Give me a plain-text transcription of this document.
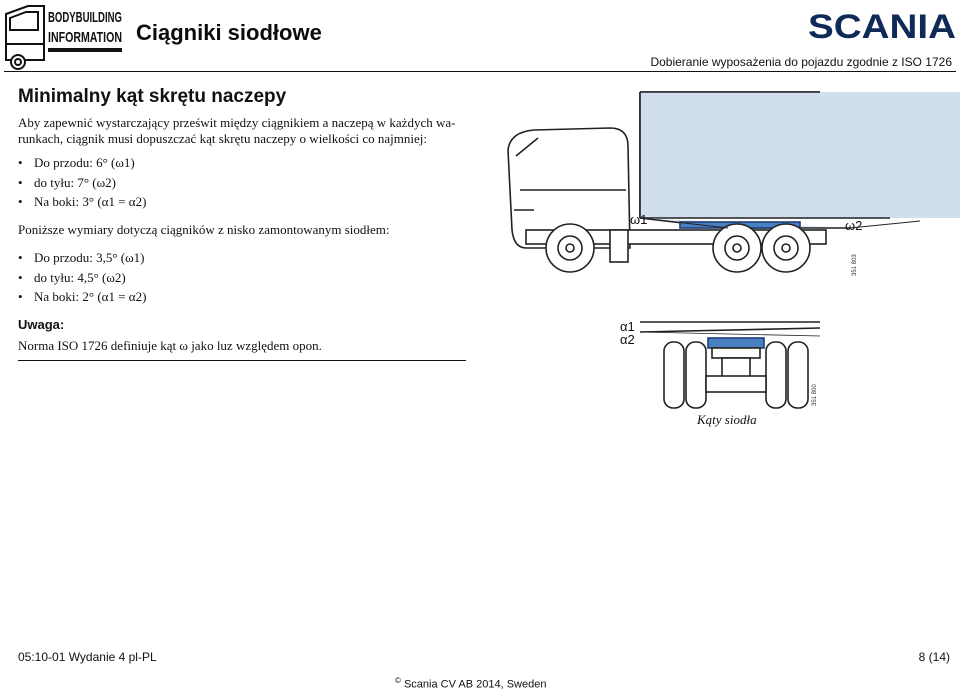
BODYBUILDING
INFORMATION Ciągniki siodłowe	SCANIA
Dobieranie wyposażenia do pojazdu zgodnie z ISO 1726
Minimalny kąt skrętu naczepy
Aby zapewnić wystarczający prześwit między ciągnikiem a naczepą w każdych wa-
runkach, ciągnik musi dopuszczać kąt skrętu naczepy o wielkości co najmniej:
• Do przodu: 6° (ω1)
• do tyłu: 7° (ω2)
• Na boki: 3° (α1 = α2)
Poniższe wymiary dotyczą ciągników z nisko zamontowanym siodłem:
• Do przodu: 3,5° (ω1)
• do tyłu: 4,5° (ω2)
• Na boki: 2° (α1 = α2)
Uwaga:
Norma ISO 1726 definiuje kąt ω jako luz względem opon.
ω1	ω2
351 803
α1
α2
351 800
Kąty siodła
05:10-01 Wydanie 4 pl-PL	8 (14)
© Scania CV AB 2014, Sweden
